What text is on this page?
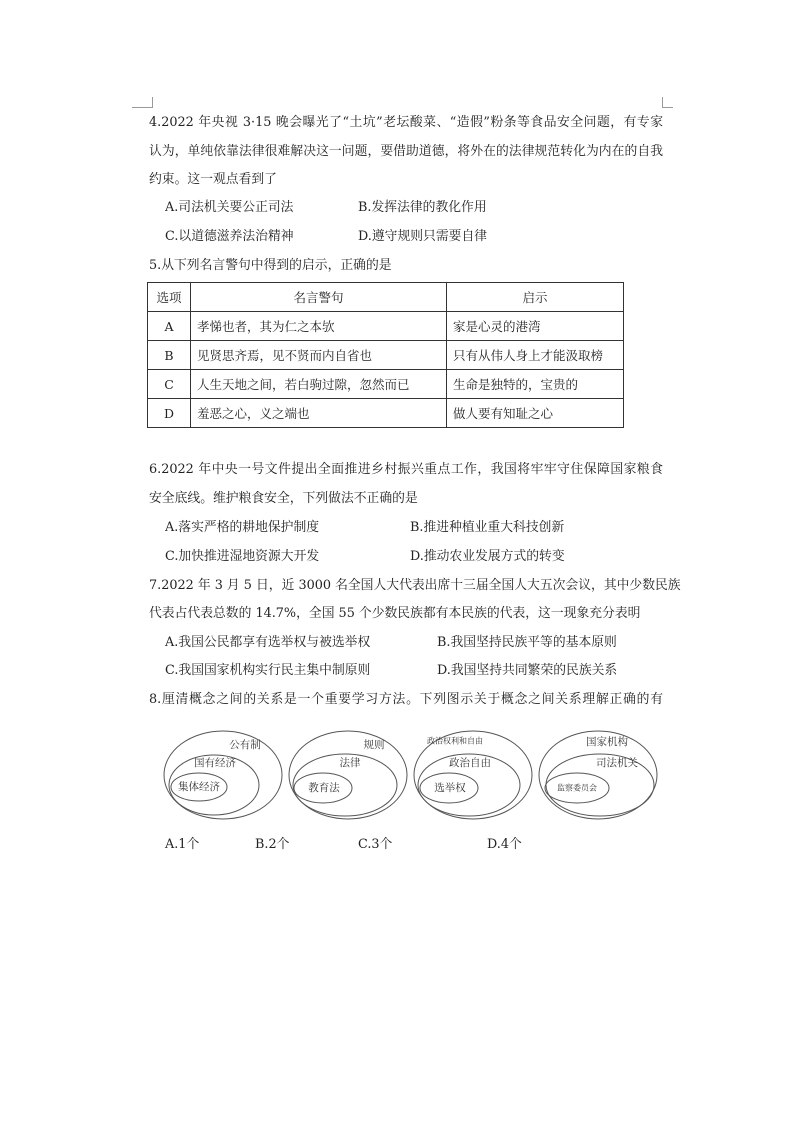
4.2022 年央视 3·15 晚会曝光了“土坑”老坛酸菜、“造假”粉条等食品安全问题，有专家
认为，单纯依靠法律很难解决这一问题，要借助道德，将外在的法律规范转化为内在的自我
约束。这一观点看到了
A.司法机关要公正司法	B.发挥法律的教化作用
C.以道德滋养法治精神	D.遵守规则只需要自律
5.从下列名言警句中得到的启示，正确的是
选项	名言警句	启示
A	孝悌也者，其为仁之本欤	家是心灵的港湾
B	见贤思齐焉，见不贤而内自省也	只有从伟人身上才能汲取榜
C	人生天地之间，若白驹过隙，忽然而已	生命是独特的，宝贵的
D	羞恶之心，义之端也	做人要有知耻之心
6.2022 年中央一号文件提出全面推进乡村振兴重点工作，我国将牢牢守住保障国家粮食
安全底线。维护粮食安全，下列做法不正确的是
A.落实严格的耕地保护制度	B.推进种植业重大科技创新
C.加快推进湿地资源大开发	D.推动农业发展方式的转变
7.2022 年 3 月 5 日，近 3000 名全国人大代表出席十三届全国人大五次会议，其中少数民族
代表占代表总数的 14.7%，全国 55 个少数民族都有本民族的代表，这一现象充分表明
A.我国公民都享有选举权与被选举权	B.我国坚持民族平等的基本原则
C.我国国家机构实行民主集中制原则	D.我国坚持共同繁荣的民族关系
8.厘清概念之间的关系是一个重要学习方法。下列图示关于概念之间关系理解正确的有
公有制
国有经济
集体经济
规则
法律
教育法
政治权利和自由
政治自由
选举权
国家机构
司法机关
监察委员会
A.1个	B.2个	C.3个	D.4个
